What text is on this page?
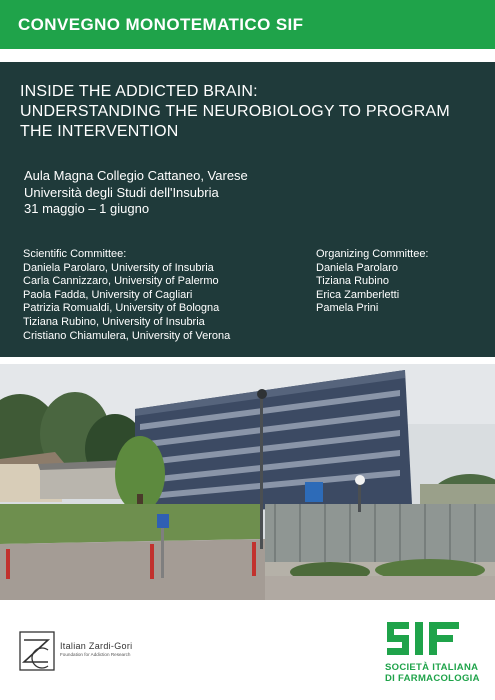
CONVEGNO MONOTEMATICO SIF
INSIDE THE ADDICTED BRAIN:
UNDERSTANDING THE NEUROBIOLOGY TO PROGRAM
THE INTERVENTION
Aula Magna Collegio Cattaneo, Varese
Università degli Studi dell'Insubria
31 maggio – 1 giugno
Scientific Committee:
Daniela Parolaro, University of Insubria
Carla Cannizzaro, University of Palermo
Paola Fadda, University of Cagliari
Patrizia Romualdi, University of Bologna
Tiziana Rubino, University of Insubria
Cristiano Chiamulera, University of Verona
Organizing Committee:
Daniela Parolaro
Tiziana Rubino
Erica Zamberletti
Pamela Prini
Italian Zardi-Gori
Foundation for Addiction Research
SOCIETÀ ITALIANA
DI FARMACOLOGIA
